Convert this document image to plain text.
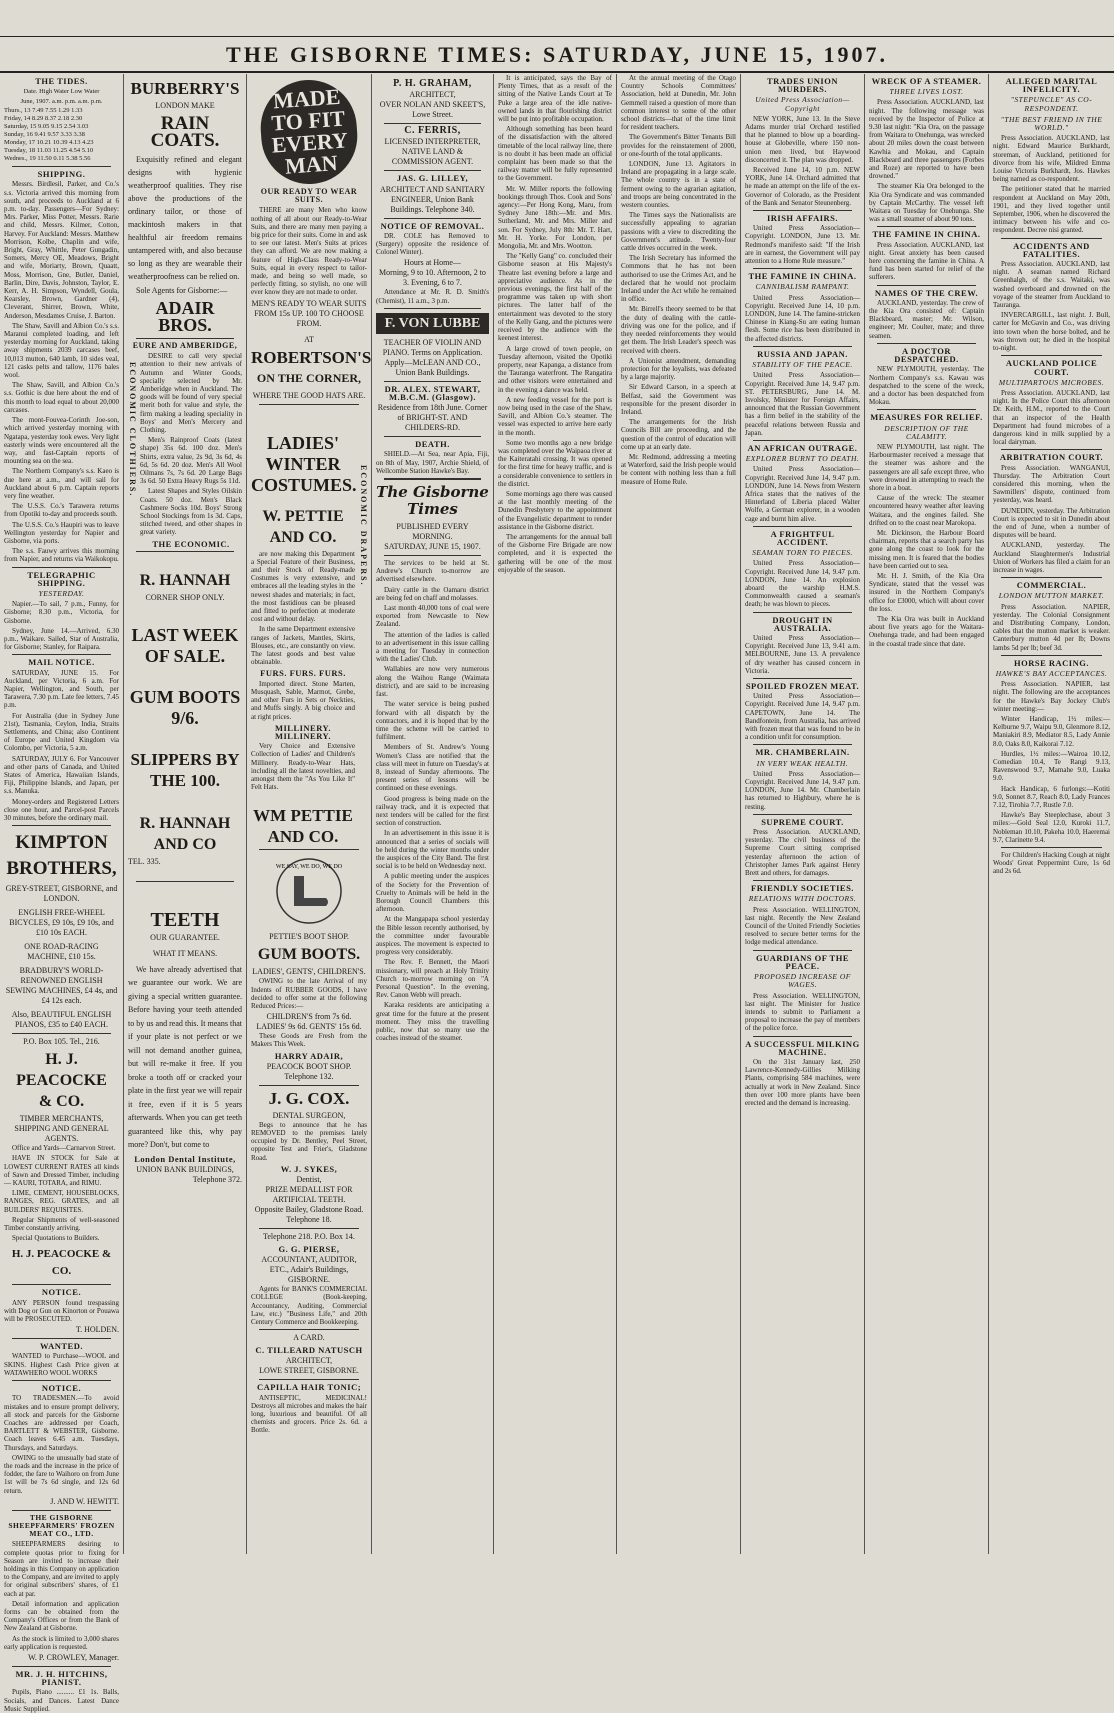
THE GISBORNE TIMES: SATURDAY, JUNE 15, 1907.
THE TIDES.
Date. High Water Low Water
June, 1907. a.m. p.m. a.m. p.m.
Thurs., 13 7.49 7.55 1.29 1.33
Friday, 14 8.29 8.37 2.18 2.30
Saturday, 15 9.05 9.15 2.54 3.03
Sunday, 16 9.41 9.57 3.33 3.38
Monday, 17 10.21 10.39 4.13 4.23
Tuesday, 18 11.03 11.25 4.54 5.10
Wednes., 19 11.50 0.11 5.38 5.56
SHIPPING.

Messrs. Birdlesil, Parker, and Co.'s s.s. Victoria arrived this morning from south, and proceeds to Auckland at 6 p.m. to-day. Passengers—For Sydney: Mrs. Parker, Miss Potter, Messrs. Rarie and child, Messrs. Kilmer, Cotton, Harvey. For Auckland: Messrs. Matthew Morrison, Kolbe, Chaplin and wife, Bright, Gray, Whittle, Peter Gungadin, Somers, Mercy OE, Meadows, Bright and wife, Moriarty, Brown, Quaatt, Moss, Morrison, Gne, Butler, Daniel, Barlin, Dire, Davis, Johnston, Taylor, E. Kerr, A. H. Simpson, Wyndell, Goula, Kearsley, Brown, Gardner (4), Cleverant, Shirrer, Brown, White, Anderson, Mesdames Cruise, J. Barton.

The Shaw, Savill and Albion Co.'s s.s. Maranui completed loading, and left yesterday morning for Auckland, taking away shipments 2039 carcases beef, 10,013 mutton, 640 lamb, 10 sides veal, 121 casks pelts and tallow, 1176 bales wool.

The Shaw, Savill, and Albion Co.'s s.s. Gothic is due here about the end of this month to load equal to about 20,000 carcases.

The mont-Fouvea-Corinth Joe-son, which arrived yesterday morning with Ngatapa, yesterday took ewes. Very light easterly winds were encountered all the way, and fast-Captain reports of mounting sea on the sea.

The Northern Company's s.s. Kaeo is due here at a.m., and will sail for Auckland about 6 p.m. Captain reports very fine weather.

The U.S.S. Co.'s Tarawera returns from Opotiki to-day and proceeds south.

The U.S.S. Co.'s Haupiri was to leave Wellington yesterday for Napier and Gisborne, via ports.

The s.s. Fauwy arrives this morning from Napier, and returns via Waikokopu.

TELEGRAPHIC SHIPPING.
YESTERDAY.

Napier.—To sail, 7 p.m., Funny, for Gisborne; 8.30 p.m., Victoria, for Gisborne.

Sydney, June 14.—Arrived, 6.30 p.m., Waikare. Sailed, Star of Australia, for Gisborne; Stanley, for Raipara.

MAIL NOTICE.

SATURDAY, JUNE 15. For Auckland, per Victoria, 6 a.m. For Napier, Wellington, and South, per Tarawera, 7.30 p.m. Late fee letters, 7.45 p.m.

For Australia (due in Sydney June 21st), Tasmania, Ceylon, India, Straits Settlements, and China; also Continent of Europe and United Kingdom via Colombo, per Victoria, 5 a.m.

SATURDAY, JULY 6. For Vancouver and other parts of Canada, and United States of America, Hawaiian Islands, Fiji, Philippine Islands, and Japan, per s.s. Manuka.

Money-orders and Registered Letters close one hour, and Parcel-post Parcels 30 minutes, before the ordinary mail.

KIMPTON
BROTHERS,
GREY-STREET, GISBORNE, and LONDON.
ENGLISH FREE-WHEEL BICYCLES, £9 10s, £9 10s, and £10 10s EACH.
ONE ROAD-RACING MACHINE, £10 15s.
BRADBURY'S WORLD-RENOWNED ENGLISH SEWING MACHINES, £4 4s, and £4 12s each.
Also, BEAUTIFUL ENGLISH PIANOS, £35 to £40 EACH.
P.O. Box 105. Tel., 216.
H. J.
PEACOCKE
& CO.
TIMBER MERCHANTS, SHIPPING AND GENERAL AGENTS.

Office and Yards—Carnarvon Street.

HAVE IN STOCK for Sale at LOWEST CURRENT RATES all kinds of Sawn and Dressed Timber, including— KAURI, TOTARA, and RIMU.

LIME, CEMENT, HOUSEBLOCKS, RANGES, REG. GRATES, and all BUILDERS' REQUISITES.

Regular Shipments of well-seasoned Timber constantly arriving.

Special Quotations to Builders.

H. J. PEACOCKE & CO.
NOTICE.

ANY PERSON found trespassing with Dog or Gun on Kinorton or Pouawa will be PROSECUTED.

T. HOLDEN.
WANTED.

WANTED to Purchase—WOOL and SKINS. Highest Cash Price given at WATAWHERO WOOL WORKS

NOTICE.

TO TRADESMEN.—To avoid mistakes and to ensure prompt delivery, all stock and parcels for the Gisborne Coaches are addressed per Coach, BARTLETT & WEBSTER, Gisborne. Coach leaves 6.45 a.m. Tuesdays, Thursdays, and Saturdays.

OWING to the unusually bad state of the roads and the increase in the price of fodder, the fare to Waihoro on from June 1st will be 7s 6d single, and 12s 6d return.

J. AND W. HEWITT.
THE GISBORNE SHEEPFARMERS' FROZEN MEAT CO., LTD.

SHEEPFARMERS desiring to complete quotas prior to fixing for Season are invited to increase their holdings in this Company on application to the Company, and are invited to apply for original subscribers' shares, of £1 each at par.

Detail information and application forms can be obtained from the Company's Offices or from the Bank of New Zealand at Gisborne.

As the stock is limited to 3,000 shares early application is requested.

W. P. CROWLEY, Manager.
MR. J. H. HITCHINS, PIANIST.

Pupils, Piano .......... £1 1s. Balls, Socials, and Dances. Latest Dance Music Supplied.

BURBERRY'S
LONDON MAKE
RAIN COATS.

Exquisitly refined and elegant designs with hygienic weatherproof qualities. They rise above the productions of the ordinary tailor, or those of mackintosh makers in that healthful air freedom remains untampered with, and also because so long as they are wearable their weatherproofness can be relied on.

Sole Agents for Gisborne:—

ADAIR BROS.
EURE AND AMBERIDGE,
ECONOMIC CLOTHIERS.

DESIRE to call very special attention to their new arrivals of Autumn and Winter Goods, specially selected by Mr. Amberidge when in Auckland. The goods will be found of very special merit both for value and style, the firm making a leading speciality in Boys' and Men's Mercery and Clothing.

Men's Rainproof Coats (latest shape) 35s 6d. 100 doz. Men's Shirts, extra value, 2s 9d, 3s 6d, 4s 6d, 5s 6d. 20 doz. Men's All Wool Oilmans 7s, 7s 6d. 20 Large Bags 3s 6d. 50 Extra Heavy Rugs 5s 11d.

Latest Shapes and Styles Oilskin Coats. 50 doz. Men's Black Cashmere Socks 10d. Boys' Strong School Stockings from 1s 3d. Caps, stitched tweed, and other shapes in great variety.

THE ECONOMIC.
R. HANNAH
CORNER SHOP ONLY.
LAST WEEK
OF SALE.
GUM BOOTS
9/6.
SLIPPERS BY
THE 100.
R. HANNAH
AND CO
TEL. 335.
TEETH
OUR GUARANTEE.
WHAT IT MEANS.

We have already advertised that we guarantee our work. We are giving a special written guarantee. Before having your teeth attended to by us and read this. It means that if your plate is not perfect or we will not demand another guinea, but will re-make it free. If you broke a tooth off or cracked your plate in the first year we will repair it free, even if it is 5 years afterwards. When you can get teeth guaranteed like this, why pay more? Don't, but come to

London Dental Institute,
UNION BANK BUILDINGS,
Telephone 372.
MADE
TO FIT
EVERY
MAN
OUR READY TO WEAR SUITS.

THERE are many Men who know nothing of all about our Ready-to-Wear Suits, and there are many men paying a big price for their suits. Come in and ask to see our latest. Men's Suits at prices they can afford. We are now making a feature of High-Class Ready-to-Wear Suits, equal in every respect to tailor-made, and being so well made, so perfectly fitting, so stylish, no one will ever know they are not made to order.

MEN'S READY TO WEAR SUITS FROM 15s UP. 100 TO CHOOSE FROM.
AT
ROBERTSON'S
ON THE CORNER,
WHERE THE GOOD HATS ARE.
ECONOMIC DRAPERS.
LADIES'
WINTER
COSTUMES.
W. PETTIE
AND CO.

are now making this Department a Special Feature of their Business, and their Stock of Ready-made Costumes is very extensive, and embraces all the leading styles in the newest shades and materials; in fact, the most fastidious can be pleased and fitted to perfection at moderate cost and without delay.

In the same Department extensive ranges of Jackets, Mantles, Skirts, Blouses, etc., are constantly on view. The latest goods and best value obtainable.

FURS. FURS. FURS.

Imported direct. Stone Marten, Musquash, Sable, Marmot, Grebe, and other Furs in Sets or Neckties, and Muffs singly. A big choice and at right prices.

MILLINERY. MILLINERY.

Very Choice and Extensive Collection of Ladies' and Children's Millinery. Ready-to-Wear Hats, including all the latest novelties, and amongst them the "As You Like It" Felt Hats.

WM PETTIE
AND CO.
WE SAY, WE DO, WE DO
PETTIE'S BOOT SHOP.
GUM BOOTS.
LADIES', GENTS', CHILDREN'S.

OWING to the late Arrival of my Indents of RUBBER GOODS, I have decided to offer some at the following Reduced Prices:—

CHILDREN'S from 7s 6d. LADIES' 9s 6d. GENTS' 15s 6d.

These Goods are Fresh from the Makers This Week.

HARRY ADAIR,
PEACOCK BOOT SHOP.
Telephone 132.
J. G. COX.
DENTAL SURGEON,

Begs to announce that he has REMOVED to the premises lately occupied by Dr. Bentley, Peel Street, opposite Test and Frier's, Gladstone Road.

W. J. SYKES,
Dentist,
PRIZE MEDALLIST FOR ARTIFICIAL TEETH.
Opposite Bailey, Gladstone Road. Telephone 18.
Telephone 218. P.O. Box 14.
G. G. PIERSE,
ACCOUNTANT, AUDITOR, ETC., Adair's Buildings, GISBORNE.

Agents for BANK'S COMMERCIAL COLLEGE (Book-keeping, Accountancy, Auditing, Commercial Law, etc.) "Business Life," and 20th Century Commerce and Bookkeeping.

A CARD.
C. TILLEARD NATUSCH
ARCHITECT,
LOWE STREET, GISBORNE.
CAPILLA HAIR TONIC;

ANTISEPTIC, MEDICINAL! Destroys all microbes and makes the hair long, luxurious and beautiful. Of all chemists and grocers. Price 2s. 6d. a Bottle.

P. H. GRAHAM,
ARCHITECT,
OVER NOLAN AND SKEET'S, Lowe Street.
C. FERRIS,
LICENSED INTERPRETER, NATIVE LAND & COMMISSION AGENT.
JAS. G. LILLEY,
ARCHITECT AND SANITARY ENGINEER, Union Bank Buildings. Telephone 340.
NOTICE OF REMOVAL.

DR. COLE has Removed to (Surgery) opposite the residence of Colonel Winter).

Hours at Home—
Morning, 9 to 10. Afternoon, 2 to 3. Evening, 6 to 7.

Attendance at Mr. R. D. Smith's (Chemist), 11 a.m., 3 p.m.

F. VON LUBBE
TEACHER OF VIOLIN AND PIANO. Terms on Application. Apply—McLEAN AND CO., Union Bank Buildings.
DR. ALEX. STEWART, M.B.C.M. (Glasgow).
Residence from 18th June. Corner of BRIGHT-ST. AND CHILDERS-RD.
DEATH.

SHIELD.—At Sea, near Apia, Fiji, on 8th of May, 1907, Archie Shield, of Wellcombe Station Hawke's Bay.

The Gisborne Times
PUBLISHED EVERY MORNING.
SATURDAY, JUNE 15, 1907.

The services to be held at St. Andrew's Church to-morrow are advertised elsewhere.

Dairy cattle in the Oamaru district are being fed on chaff and molasses.

Last month 40,000 tons of coal were exported from Newcastle to New Zealand.

The attention of the ladies is called to an advertisement in this issue calling a meeting for Tuesday in connection with the Ladies' Club.

Wallabies are now very numerous along the Waihou Range (Waimata district), and are said to be increasing fast.

The water service is being pushed forward with all dispatch by the contractors, and it is hoped that by the time the scheme will be carried to fulfilment.

Members of St. Andrew's Young Women's Class are notified that the class will meet in future on Tuesday's at 8, instead of Sunday afternoons. The present series of lessons will be continued on these evenings.

Good progress is being made on the railway track, and it is expected that next tenders will be called for the first section of construction.

In an advertisement in this issue it is announced that a series of socials will be held during the winter months under the auspices of the City Band. The first social is to be held on Wednesday next.

A public meeting under the auspices of the Society for the Prevention of Cruelty to Animals will be held in the Borough Council Chambers this afternoon.

At the Mangapapa school yesterday the Bible lesson recently authorised, by the committee under favourable auspices. The movement is expected to progress very considerably.

The Rev. F. Bennett, the Maori missionary, will preach at Holy Trinity Church to-morrow morning on "A Personal Question". In the evening, Rev. Canon Webb will preach.

Karaka residents are anticipating a great time for the future at the present moment. They miss the travelling public, now that so many use the coaches instead of the steamer.

It is anticipated, says the Bay of Plenty Times, that as a result of the sitting of the Native Lands Court at Te Puke a large area of the idle native-owned lands in that flourishing district will be put into profitable occupation.

Although something has been heard of the dissatisfaction with the altered timetable of the local railway line, there is no doubt it has been made an official complaint has been made so that the railway matter will be fully represented to the Government.

Mr. W. Miller reports the following bookings through Thos. Cook and Sons' agency:—Per Hong Kong, Maru, from Sydney June 18th:—Mr. and Mrs. Sutherland, Mr. and Mrs. Miller and son. For Sydney, July 8th: Mr. T. Hart, Mr. H. Yorke. For London, per Mongolia, Mr. and Mrs. Wootton.

The "Kelly Gang" co. concluded their Gisborne season at His Majesty's Theatre last evening before a large and appreciative audience. As in the previous evenings, the first half of the programme was taken up with short pictures. The latter half of the entertainment was devoted to the story of the Kelly Gang, and the pictures were received by the audience with the keenest interest.

A large crowd of town people, on Tuesday afternoon, visited the Opotiki property, near Kapanga, a distance from the Tauranga waterfront. The Rangatira and other visitors were entertained and in the evening a dance was held.

A new feeding vessel for the port is now being used in the case of the Shaw, Savill, and Albion Co.'s steamer. The vessel was expected to arrive here early in the month.

Some two months ago a new bridge was completed over the Waipaoa river at the Kaiteratahi crossing. It was opened for the first time for heavy traffic, and is a considerable convenience to settlers in the district.

Some mornings ago there was caused at the last monthly meeting of the Dunedin Presbytery to the appointment of the Evangelistic department to render assistance in the Gisborne district.

The arrangements for the annual ball of the Gisborne Fire Brigade are now completed, and it is expected the gathering will be one of the most enjoyable of the season.

At the annual meeting of the Otago Country Schools Committees' Association, held at Dunedin, Mr. John Gemmell raised a question of more than common interest to some of the other school districts—that of the time limit for resident teachers.

The Government's Bitter Tenants Bill provides for the reinstatement of 2000, or one-fourth of the total applicants.

LONDON, June 13. Agitators in Ireland are propagating in a large scale. The whole country is in a state of ferment owing to the agrarian agitation, and troops are being concentrated in the western counties.

The Times says the Nationalists are successfully appealing to agrarian passions with a view to discrediting the Government's attitude. Twenty-four cattle drives occurred in the week.

The Irish Secretary has informed the Commons that he has not been authorised to use the Crimes Act, and he declared that he would not proclaim Ireland under the Act while he remained in office.

Mr. Birrell's theory seemed to be that the duty of dealing with the cattle-driving was one for the police, and if they needed reinforcements they would get them. The Irish Leader's speech was received with cheers.

A Unionist amendment, demanding protection for the loyalists, was defeated by a large majority.

Sir Edward Carson, in a speech at Belfast, said the Government was responsible for the present disorder in Ireland.

The arrangements for the Irish Councils Bill are proceeding, and the question of the control of education will come up at an early date.

Mr. Redmond, addressing a meeting at Waterford, said the Irish people would be content with nothing less than a full measure of Home Rule.

TRADES UNION MURDERS.
United Press Association—Copyright

NEW YORK, June 13. In the Steve Adams murder trial Orchard testified that he planned to blow up a boarding-house at Globeville, where 150 non-union men lived, but Haywood disconcerted it. The plan was dropped.

Received June 14, 10 p.m. NEW YORK, June 14. Orchard admitted that he made an attempt on the life of the ex-Governor of Colorado, as the President of the Bank and Senator Steunenberg.

IRISH AFFAIRS.

United Press Association—Copyright. LONDON, June 13. Mr. Redmond's manifesto said: "If the Irish are in earnest, the Government will pay attention to a Home Rule measure."

THE FAMINE IN CHINA.
CANNIBALISM RAMPANT.

United Press Association—Copyright. Received June 14, 10 p.m. LONDON, June 14. The famine-stricken Chinese in Kiang-Su are eating human flesh. Some rice has been distributed in the affected districts.

RUSSIA AND JAPAN.
STABILITY OF THE PEACE.

United Press Association—Copyright. Received June 14, 9.47 p.m. ST. PETERSBURG, June 14. M. Isvolsky, Minister for Foreign Affairs, announced that the Russian Government has a firm belief in the stability of the peaceful relations between Russia and Japan.

AN AFRICAN OUTRAGE.
EXPLORER BURNT TO DEATH.

United Press Association—Copyright. Received June 14, 9.47 p.m. LONDON, June 14. News from Western Africa states that the natives of the Hinterland of Liberia placed Walter Wolfe, a German explorer, in a wooden cage and burnt him alive.

A FRIGHTFUL ACCIDENT.
SEAMAN TORN TO PIECES.

United Press Association—Copyright. Received June 14, 9.47 p.m. LONDON, June 14. An explosion aboard the warship H.M.S. Commonwealth caused a seaman's death; he was blown to pieces.

DROUGHT IN AUSTRALIA.

United Press Association—Copyright. Received June 13, 9.41 a.m. MELBOURNE, June 13. A prevalence of dry weather has caused concern in Victoria.

SPOILED FROZEN MEAT.

United Press Association—Copyright. Received June 14, 9.47 p.m. CAPETOWN, June 14. The Bandfontein, from Australia, has arrived with frozen meat that was found to be in a condition unfit for consumption.

MR. CHAMBERLAIN.
IN VERY WEAK HEALTH.

United Press Association—Copyright. Received June 14, 9.47 p.m. LONDON, June 14. Mr. Chamberlain has returned to Highbury, where he is resting.

SUPREME COURT.

Press Association. AUCKLAND, yesterday. The civil business of the Supreme Court sitting comprised yesterday afternoon the action of Christopher James Park against Henry Brett and others, for damages.

FRIENDLY SOCIETIES.
RELATIONS WITH DOCTORS.

Press Association. WELLINGTON, last night. Recently the New Zealand Council of the United Friendly Societies resolved to secure better terms for the lodge medical attendance.

GUARDIANS OF THE PEACE.
PROPOSED INCREASE OF WAGES.

Press Association. WELLINGTON, last night. The Minister for Justice intends to submit to Parliament a proposal to increase the pay of members of the police force.

A SUCCESSFUL MILKING MACHINE.

On the 31st January last, 250 Lawrence-Kennedy-Gillies Milking Plants, comprising 584 machines, were actually at work in New Zealand. Since then over 100 more plants have been erected and the demand is increasing.

WRECK OF A STEAMER.
THREE LIVES LOST.

Press Association. AUCKLAND, last night. The following message was received by the Inspector of Police at 9.30 last night: "Kia Ora, on the passage from Waitara to Onehunga, was wrecked about 20 miles down the coast between Kawhia and Mokau, and Captain Blackbeard and three passengers (Forbes and Roze) are reported to have been drowned."

The steamer Kia Ora belonged to the Kia Ora Syndicate and was commanded by Captain McCarthy. The vessel left Waitara on Tuesday for Onehunga. She was a small steamer of about 90 tons.

THE FAMINE IN CHINA.

Press Association. AUCKLAND, last night. Great anxiety has been caused here concerning the famine in China. A fund has been started for relief of the sufferers.

NAMES OF THE CREW.

AUCKLAND, yesterday. The crew of the Kia Ora consisted of: Captain Blackbeard, master; Mr. Wilson, engineer; Mr. Coulter, mate; and three seamen.

A DOCTOR DESPATCHED.

NEW PLYMOUTH, yesterday. The Northern Company's s.s. Kawau was despatched to the scene of the wreck, and a doctor has been despatched from Mokau.

MEASURES FOR RELIEF.
DESCRIPTION OF THE CALAMITY.

NEW PLYMOUTH, last night. The Harbourmaster received a message that the steamer was ashore and the passengers are all safe except three, who were drowned in attempting to reach the shore in a boat.

Cause of the wreck: The steamer encountered heavy weather after leaving Waitara, and the engines failed. She drifted on to the coast near Marokopa.

Mr. Dickinson, the Harbour Board chairman, reports that a search party has gone along the coast to look for the missing men. It is feared that the bodies have been carried out to sea.

Mr. H. J. Smith, of the Kia Ora Syndicate, stated that the vessel was insured in the Northern Company's office for £3000, which will about cover the loss.

The Kia Ora was built in Auckland about five years ago for the Waitara-Onehunga trade, and had been engaged in the coastal trade since that date.

ALLEGED MARITAL INFELICITY.
"STEPUNCLE" AS CO-RESPONDENT.
"THE BEST FRIEND IN THE WORLD."

Press Association. AUCKLAND, last night. Edward Maurice Burkhardt, storeman, of Auckland, petitioned for divorce from his wife, Mildred Emma Louise Victoria Burkhardt, Jos. Hawkes being named as co-respondent.

The petitioner stated that he married respondent at Auckland on May 20th, 1901, and they lived together until September, 1906, when he discovered the intimacy between his wife and co-respondent. Decree nisi granted.

ACCIDENTS AND FATALITIES.

Press Association. AUCKLAND, last night. A seaman named Richard Greenhalgh, of the s.s. Waitaki, was washed overboard and drowned on the voyage of the steamer from Auckland to Tauranga.

INVERCARGILL, last night. J. Bull, carter for McGavin and Co., was driving into town when the horse bolted, and he was thrown out; he died in the hospital to-night.

AUCKLAND POLICE COURT.
MULTIPARTOUS MICROBES.

Press Association. AUCKLAND, last night. In the Police Court this afternoon Dr. Keith, H.M., reported to the Court that an inspector of the Health Department had found microbes of a dangerous kind in milk supplied by a local dairyman.

ARBITRATION COURT.

Press Association. WANGANUI, Thursday. The Arbitration Court considered this morning, when the Sawmillers' dispute, continued from yesterday, was heard.

DUNEDIN, yesterday. The Arbitration Court is expected to sit in Dunedin about the end of June, when a number of disputes will be heard.

AUCKLAND, yesterday. The Auckland Slaughtermen's Industrial Union of Workers has filed a claim for an increase in wages.

COMMERCIAL.
LONDON MUTTON MARKET.

Press Association. NAPIER, yesterday. The Colonial Consignment and Distributing Company, London, cables that the mutton market is weaker. Canterbury mutton 4d per lb; Downs lambs 5d per lb; beef 3d.

HORSE RACING.
HAWKE'S BAY ACCEPTANCES.

Press Association. NAPIER, last night. The following are the acceptances for the Hawke's Bay Jockey Club's winter meeting:—

Winter Handicap, 1½ miles:—Kelburne 9.7, Waipu 9.0, Glenmore 8.12, Maniakiri 8.9, Mediator 8.5, Lady Annie 8.0, Oaks 8.0, Kaikorai 7.12.

Hurdles, 1½ miles:—Wairoa 10.12, Comedian 10.4, Te Rangi 9.13, Ravenswood 9.7, Mamahe 9.0, Luaka 9.0.

Hack Handicap, 6 furlongs:—Kotiti 9.0, Sonnet 8.7, Reach 8.0, Lady Frances 7.12, Tirohia 7.7, Rustle 7.0.

Hawke's Bay Steeplechase, about 3 miles:—Gold Seal 12.0, Kuroki 11.7, Nobleman 10.10, Pakeha 10.0, Haeremai 9.7, Clarinette 9.4.

For Children's Hacking Cough at night Woods' Great Peppermint Cure, 1s 6d and 2s 6d.
